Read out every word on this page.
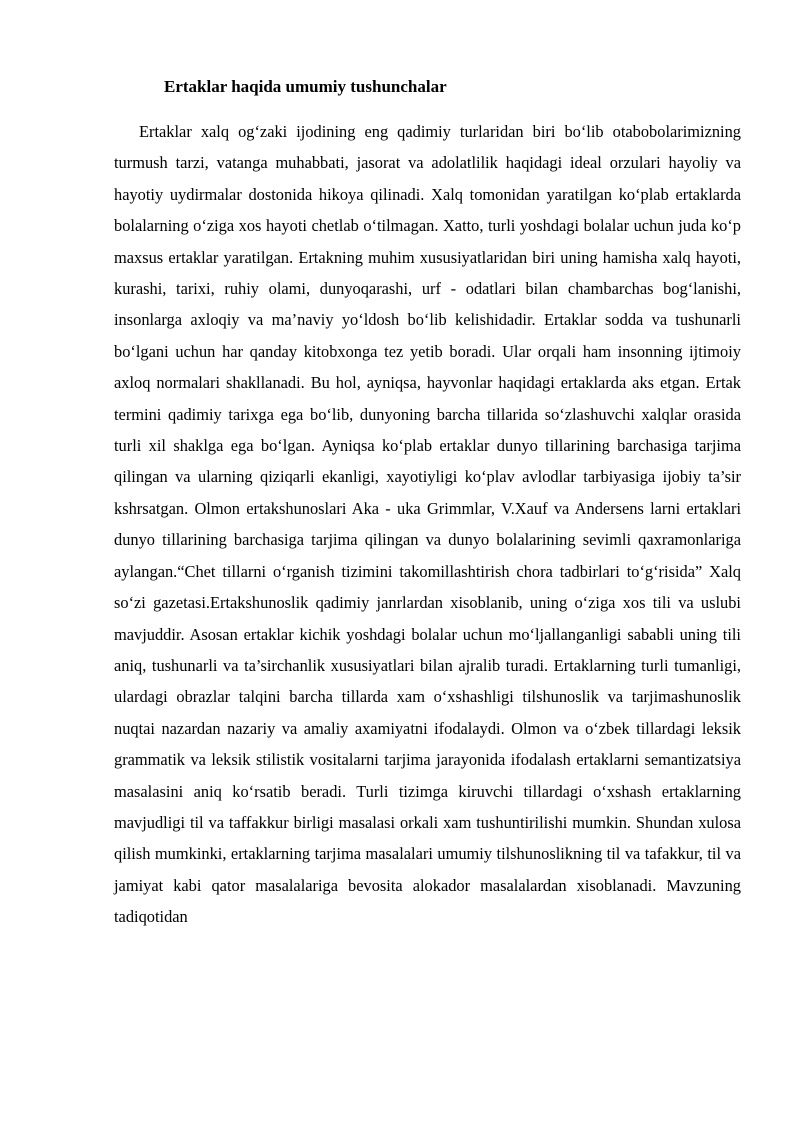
Ertaklar haqida umumiy tushunchalar

Ertaklar xalq og‘zaki ijodining eng qadimiy turlaridan biri bo‘lib otabobolarimizning turmush tarzi, vatanga muhabbati, jasorat va adolatlilik haqidagi ideal orzulari hayoliy va hayotiy uydirmalar dostonida hikoya qilinadi. Xalq tomonidan yaratilgan ko‘plab ertaklarda bolalarning o‘ziga xos hayoti chetlab o‘tilmagan. Xatto, turli yoshdagi bolalar uchun juda ko‘p maxsus ertaklar yaratilgan. Ertakning muhim xususiyatlaridan biri uning hamisha xalq hayoti, kurashi, tarixi, ruhiy olami, dunyoqarashi, urf - odatlari bilan chambarchas bog‘lanishi, insonlarga axloqiy va ma’naviy yo‘ldosh bo‘lib kelishidadir. Ertaklar sodda va tushunarli bo‘lgani uchun har qanday kitobxonga tez yetib boradi. Ular orqali ham insonning ijtimoiy axloq normalari shakllanadi. Bu hol, ayniqsa, hayvonlar haqidagi ertaklarda aks etgan. Ertak termini qadimiy tarixga ega bo‘lib, dunyoning barcha tillarida so‘zlashuvchi xalqlar orasida turli xil shaklga ega bo‘lgan. Ayniqsa ko‘plab ertaklar dunyo tillarining barchasiga tarjima qilingan va ularning qiziqarli ekanligi, xayotiyligi ko‘plav avlodlar tarbiyasiga ijobiy ta’sir kshrsatgan. Olmon ertakshunoslari Aka - uka Grimmlar, V.Xauf va Andersens larni ertaklari dunyo tillarining barchasiga tarjima qilingan va dunyo bolalarining sevimli qaxramonlariga aylangan.“Chet tillarni o‘rganish tizimini takomillashtirish chora tadbirlari to‘g‘risida” Xalq so‘zi gazetasi.Ertakshunoslik qadimiy janrlardan xisoblanib, uning o‘ziga xos tili va uslubi mavjuddir. Asosan ertaklar kichik yoshdagi bolalar uchun mo‘ljallanganligi sababli uning tili aniq, tushunarli va ta’sirchanlik xususiyatlari bilan ajralib turadi. Ertaklarning turli tumanligi, ulardagi obrazlar talqini barcha tillarda xam o‘xshashligi tilshunoslik va tarjimashunoslik nuqtai nazardan nazariy va amaliy axamiyatni ifodalaydi. Olmon va o‘zbek tillardagi leksik grammatik va leksik stilistik vositalarni tarjima jarayonida ifodalash ertaklarni semantizatsiya masalasini aniq ko‘rsatib beradi. Turli tizimga kiruvchi tillardagi o‘xshash ertaklarning mavjudligi til va taffakkur birligi masalasi orkali xam tushuntirilishi mumkin. Shundan xulosa qilish mumkinki, ertaklarning tarjima masalalari umumiy tilshunoslikning til va tafakkur, til va jamiyat kabi qator masalalariga bevosita alokador masalalardan xisoblanadi. Mavzuning tadiqotidan
